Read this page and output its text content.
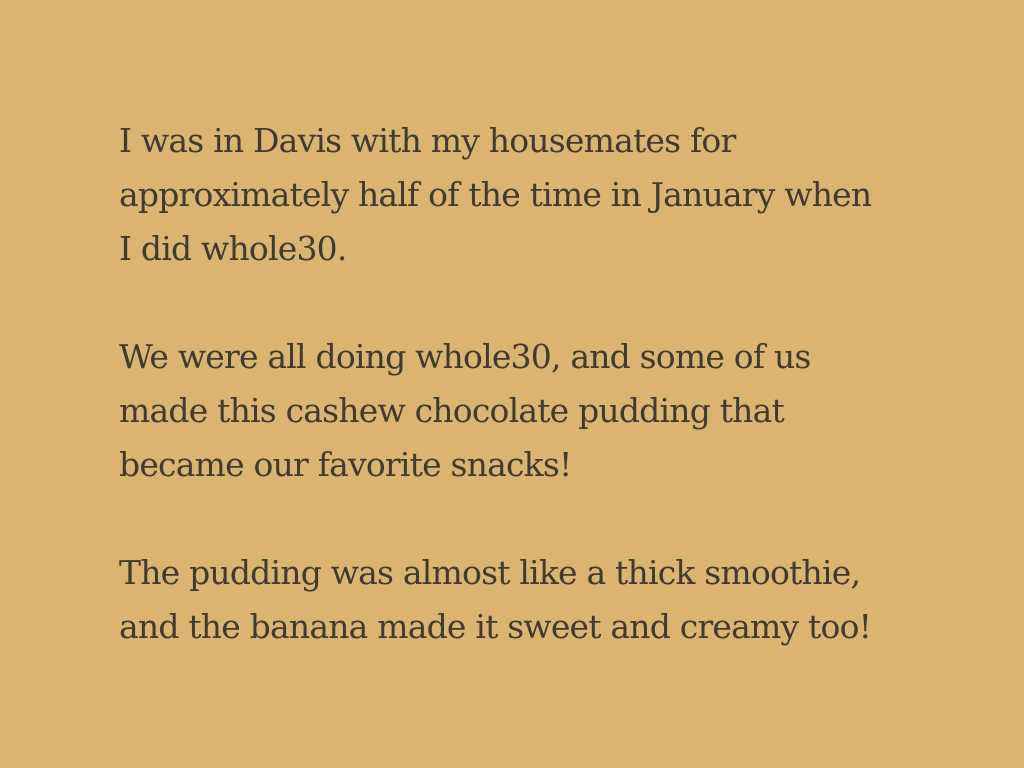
I was in Davis with my housemates for
approximately half of the time in January when
I did whole30.

We were all doing whole30, and some of us
made this cashew chocolate pudding that
became our favorite snacks!

The pudding was almost like a thick smoothie,
and the banana made it sweet and creamy too!
